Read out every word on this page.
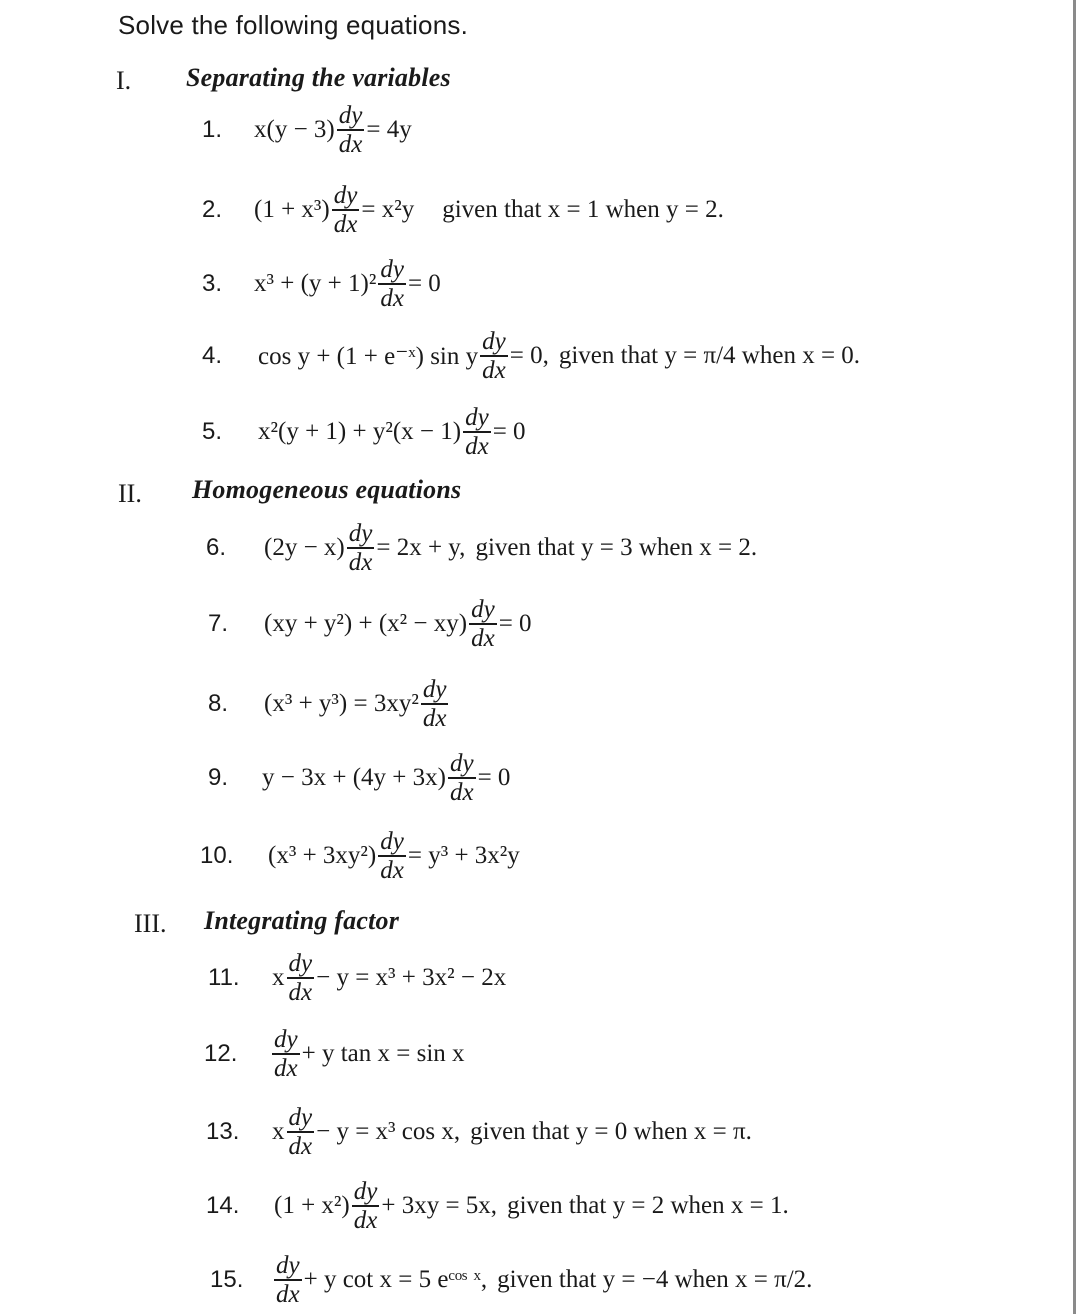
Solve the following equations.
I. Separating the variables
1.	$x(y - 3) \frac{dy}{dx} = 4y$
2.	$(1 + x^3) \frac{dy}{dx} = x^2y$ given that x = 1 when y = 2.
3.	$x^3 + (y + 1)^2 \frac{dy}{dx} = 0$
4.	cos y + (1 + e⁻ˣ) sin y $\frac{dy}{dx} = 0$, given that y = π/4 when x = 0.
5.	$x^2(y + 1) + y^2(x - 1) \frac{dy}{dx} = 0$
II. Homogeneous equations
6.	$(2y - x) \frac{dy}{dx} = 2x + y$, given that y = 3 when x = 2.
7.	$(xy + y^2) + (x^2 - xy) \frac{dy}{dx} = 0$
8.	$(x^3 + y^3) = 3xy^2 \frac{dy}{dx}$
9.	$y - 3x + (4y + 3x) \frac{dy}{dx} = 0$
10.	$(x^3 + 3xy^2) \frac{dy}{dx} = y^3 + 3x^2y$
III. Integrating factor
11.	x $\frac{dy}{dx} - y = x^3 + 3x^2 - 2x$
12.	$\frac{dy}{dx} + y$ tan x = sin x
13.	x $\frac{dy}{dx} - y = x^3$ cos x, given that y = 0 when x = π.
14.	$(1 + x^2) \frac{dy}{dx} + 3xy = 5x$, given that y = 2 when x = 1.
15.	$\frac{dy}{dx} + y$ cot x = 5 eᶜᵒˢ ˣ, given that y = −4 when x = π/2.
